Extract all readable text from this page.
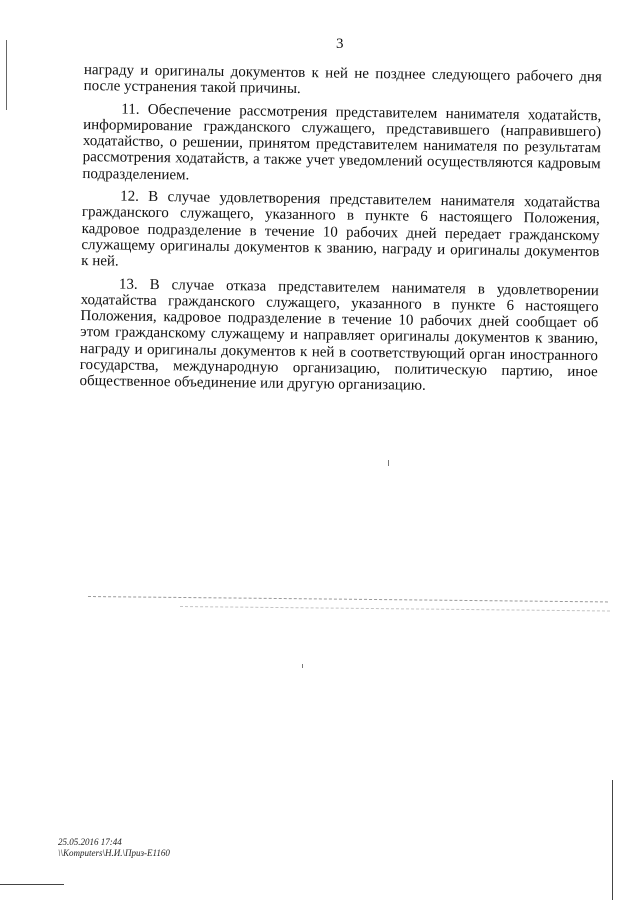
3

награду и оригиналы документов к ней не позднее следующего рабочего дня после устранения такой причины.

11. Обеспечение рассмотрения представителем нанимателя ходатайств, информирование гражданского служащего, представившего (направившего) ходатайство, о решении, принятом представителем нанимателя по результатам рассмотрения ходатайств, а также учет уведомлений осуществляются кадровым подразделением.

12. В случае удовлетворения представителем нанимателя ходатайства гражданского служащего, указанного в пункте 6 настоящего Положения, кадровое подразделение в течение 10 рабочих дней передает гражданскому служащему оригиналы документов к званию, награду и оригиналы документов к ней.

13. В случае отказа представителем нанимателя в удовлетворении ходатайства гражданского служащего, указанного в пункте 6 настоящего Положения, кадровое подразделение в течение 10 рабочих дней сообщает об этом гражданскому служащему и направляет оригиналы документов к званию, награду и оригиналы документов к ней в соответствующий орган иностранного государства, международную организацию, политическую партию, иное общественное объединение или другую организацию.

25.05.2016 17:44
\\Komputers\Н.И.\Приз-Е1160
